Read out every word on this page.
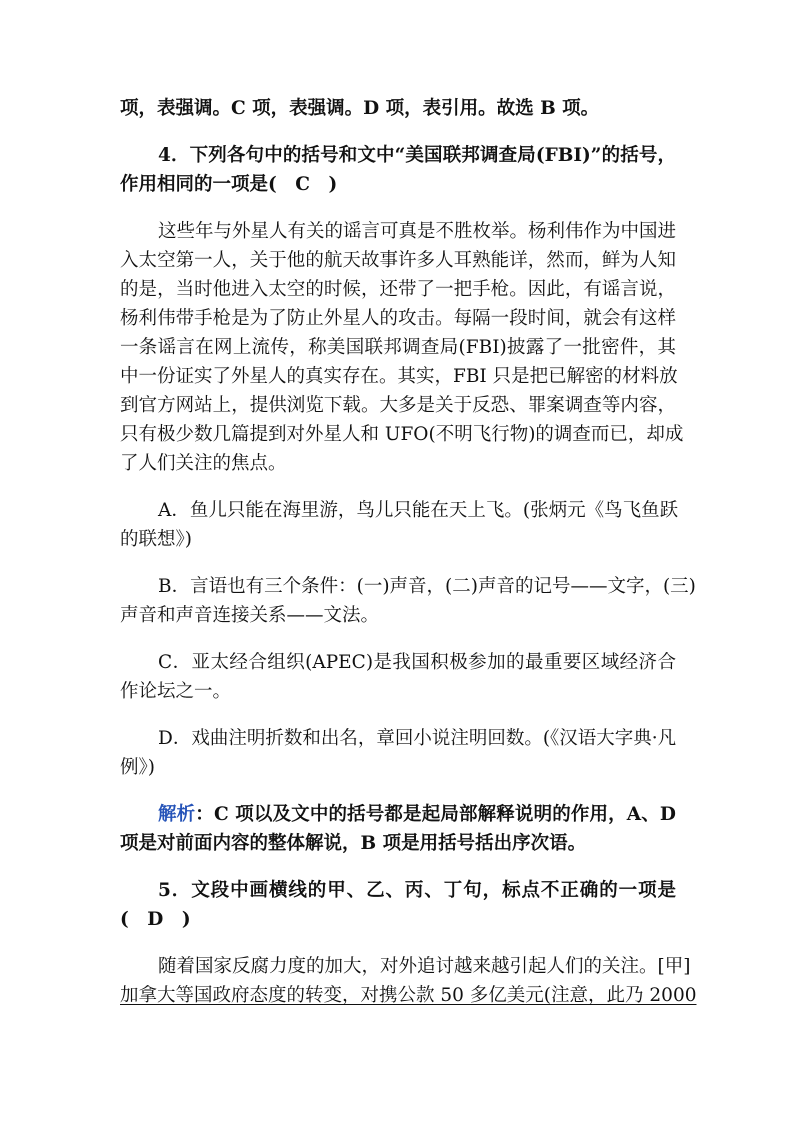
项，表强调。C 项，表强调。D 项，表引用。故选 B 项。
4．下列各句中的括号和文中“美国联邦调查局(FBI)”的括号，
作用相同的一项是(　C　)
这些年与外星人有关的谣言可真是不胜枚举。杨利伟作为中国进
入太空第一人，关于他的航天故事许多人耳熟能详，然而，鲜为人知
的是，当时他进入太空的时候，还带了一把手枪。因此，有谣言说，
杨利伟带手枪是为了防止外星人的攻击。每隔一段时间，就会有这样
一条谣言在网上流传，称美国联邦调查局(FBI)披露了一批密件，其
中一份证实了外星人的真实存在。其实，FBI 只是把已解密的材料放
到官方网站上，提供浏览下载。大多是关于反恐、罪案调查等内容，
只有极少数几篇提到对外星人和 UFO(不明飞行物)的调查而已，却成
了人们关注的焦点。
A．鱼儿只能在海里游，鸟儿只能在天上飞。(张炳元《鸟飞鱼跃
的联想》)
B．言语也有三个条件：(一)声音，(二)声音的记号——文字，(三)
声音和声音连接关系——文法。
C．亚太经合组织(APEC)是我国积极参加的最重要区域经济合
作论坛之一。
D．戏曲注明折数和出名，章回小说注明回数。(《汉语大字典·凡
例》)
解析：C 项以及文中的括号都是起局部解释说明的作用，A、D
项是对前面内容的整体解说，B 项是用括号括出序次语。
5．文段中画横线的甲、乙、丙、丁句，标点不正确的一项是
(　D　)
随着国家反腐力度的加大，对外追讨越来越引起人们的关注。[甲]
加拿大等国政府态度的转变，对携公款 50 多亿美元(注意，此乃 2000
